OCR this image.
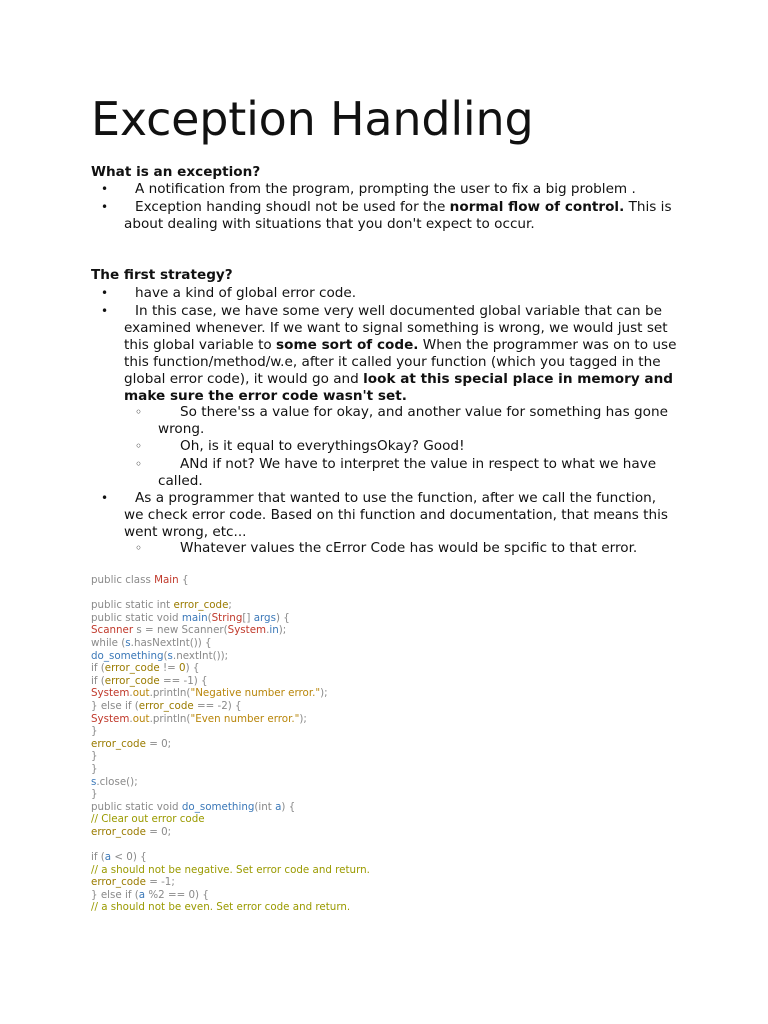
Exception Handling
What is an exception?
•	A notification from the program, prompting the user to fix a big problem .
•	Exception handing shoudl not be used for the normal flow of control. This is about dealing with situations that you don't expect to occur.
The first strategy?
•	have a kind of global error code.
•	In this case, we have some very well documented global variable that can be examined whenever. If we want to signal something is wrong, we would just set this global variable to some sort of code. When the programmer was on to use this function/method/w.e, after it called your function (which you tagged in the global error code), it would go and look at this special place in memory and make sure the error code wasn't set.
◦	So there'ss a value for okay, and another value for something has gone wrong.
◦	Oh, is it equal to everythingsOkay? Good!
◦	ANd if not? We have to interpret the value in respect to what we have called.
•	As a programmer that wanted to use the function, after we call the function, we check error code. Based on thi function and documentation, that means this went wrong, etc...
◦	Whatever values the cError Code has would be spcific to that error.
public class Main {
public static int error_code;
public static void main(String[] args) {
Scanner s = new Scanner(System.in);
while (s.hasNextInt()) {
do_something(s.nextInt());
if (error_code != 0) {
if (error_code == -1) {
System.out.println("Negative number error.");
} else if (error_code == -2) {
System.out.println("Even number error.");
}
error_code = 0;
}
}
s.close();
}
public static void do_something(int a) {
// Clear out error code
error_code = 0;
if (a < 0) {
// a should not be negative. Set error code and return.
error_code = -1;
} else if (a %2 == 0) {
// a should not be even. Set error code and return.
